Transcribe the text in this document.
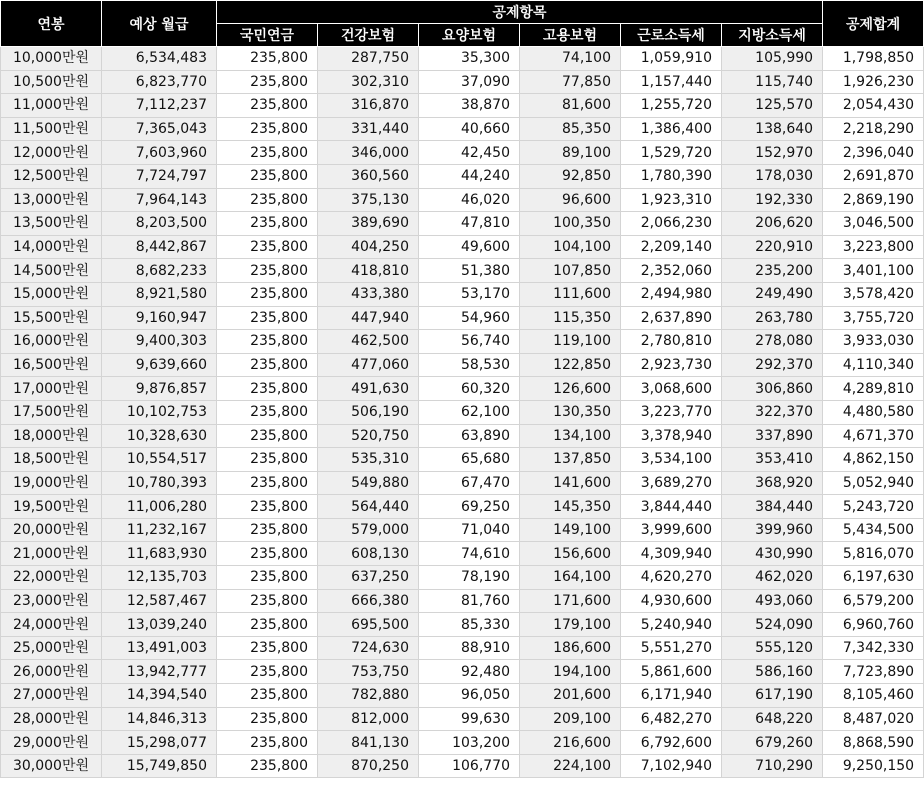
연봉	예상 월급	공제항목						공제합계
		국민연금	건강보험	요양보험	고용보험	근로소득세	지방소득세	
10,000만원	6,534,483	235,800	287,750	35,300	74,100	1,059,910	105,990	1,798,850
10,500만원	6,823,770	235,800	302,310	37,090	77,850	1,157,440	115,740	1,926,230
11,000만원	7,112,237	235,800	316,870	38,870	81,600	1,255,720	125,570	2,054,430
11,500만원	7,365,043	235,800	331,440	40,660	85,350	1,386,400	138,640	2,218,290
12,000만원	7,603,960	235,800	346,000	42,450	89,100	1,529,720	152,970	2,396,040
12,500만원	7,724,797	235,800	360,560	44,240	92,850	1,780,390	178,030	2,691,870
13,000만원	7,964,143	235,800	375,130	46,020	96,600	1,923,310	192,330	2,869,190
13,500만원	8,203,500	235,800	389,690	47,810	100,350	2,066,230	206,620	3,046,500
14,000만원	8,442,867	235,800	404,250	49,600	104,100	2,209,140	220,910	3,223,800
14,500만원	8,682,233	235,800	418,810	51,380	107,850	2,352,060	235,200	3,401,100
15,000만원	8,921,580	235,800	433,380	53,170	111,600	2,494,980	249,490	3,578,420
15,500만원	9,160,947	235,800	447,940	54,960	115,350	2,637,890	263,780	3,755,720
16,000만원	9,400,303	235,800	462,500	56,740	119,100	2,780,810	278,080	3,933,030
16,500만원	9,639,660	235,800	477,060	58,530	122,850	2,923,730	292,370	4,110,340
17,000만원	9,876,857	235,800	491,630	60,320	126,600	3,068,600	306,860	4,289,810
17,500만원	10,102,753	235,800	506,190	62,100	130,350	3,223,770	322,370	4,480,580
18,000만원	10,328,630	235,800	520,750	63,890	134,100	3,378,940	337,890	4,671,370
18,500만원	10,554,517	235,800	535,310	65,680	137,850	3,534,100	353,410	4,862,150
19,000만원	10,780,393	235,800	549,880	67,470	141,600	3,689,270	368,920	5,052,940
19,500만원	11,006,280	235,800	564,440	69,250	145,350	3,844,440	384,440	5,243,720
20,000만원	11,232,167	235,800	579,000	71,040	149,100	3,999,600	399,960	5,434,500
21,000만원	11,683,930	235,800	608,130	74,610	156,600	4,309,940	430,990	5,816,070
22,000만원	12,135,703	235,800	637,250	78,190	164,100	4,620,270	462,020	6,197,630
23,000만원	12,587,467	235,800	666,380	81,760	171,600	4,930,600	493,060	6,579,200
24,000만원	13,039,240	235,800	695,500	85,330	179,100	5,240,940	524,090	6,960,760
25,000만원	13,491,003	235,800	724,630	88,910	186,600	5,551,270	555,120	7,342,330
26,000만원	13,942,777	235,800	753,750	92,480	194,100	5,861,600	586,160	7,723,890
27,000만원	14,394,540	235,800	782,880	96,050	201,600	6,171,940	617,190	8,105,460
28,000만원	14,846,313	235,800	812,000	99,630	209,100	6,482,270	648,220	8,487,020
29,000만원	15,298,077	235,800	841,130	103,200	216,600	6,792,600	679,260	8,868,590
30,000만원	15,749,850	235,800	870,250	106,770	224,100	7,102,940	710,290	9,250,150
